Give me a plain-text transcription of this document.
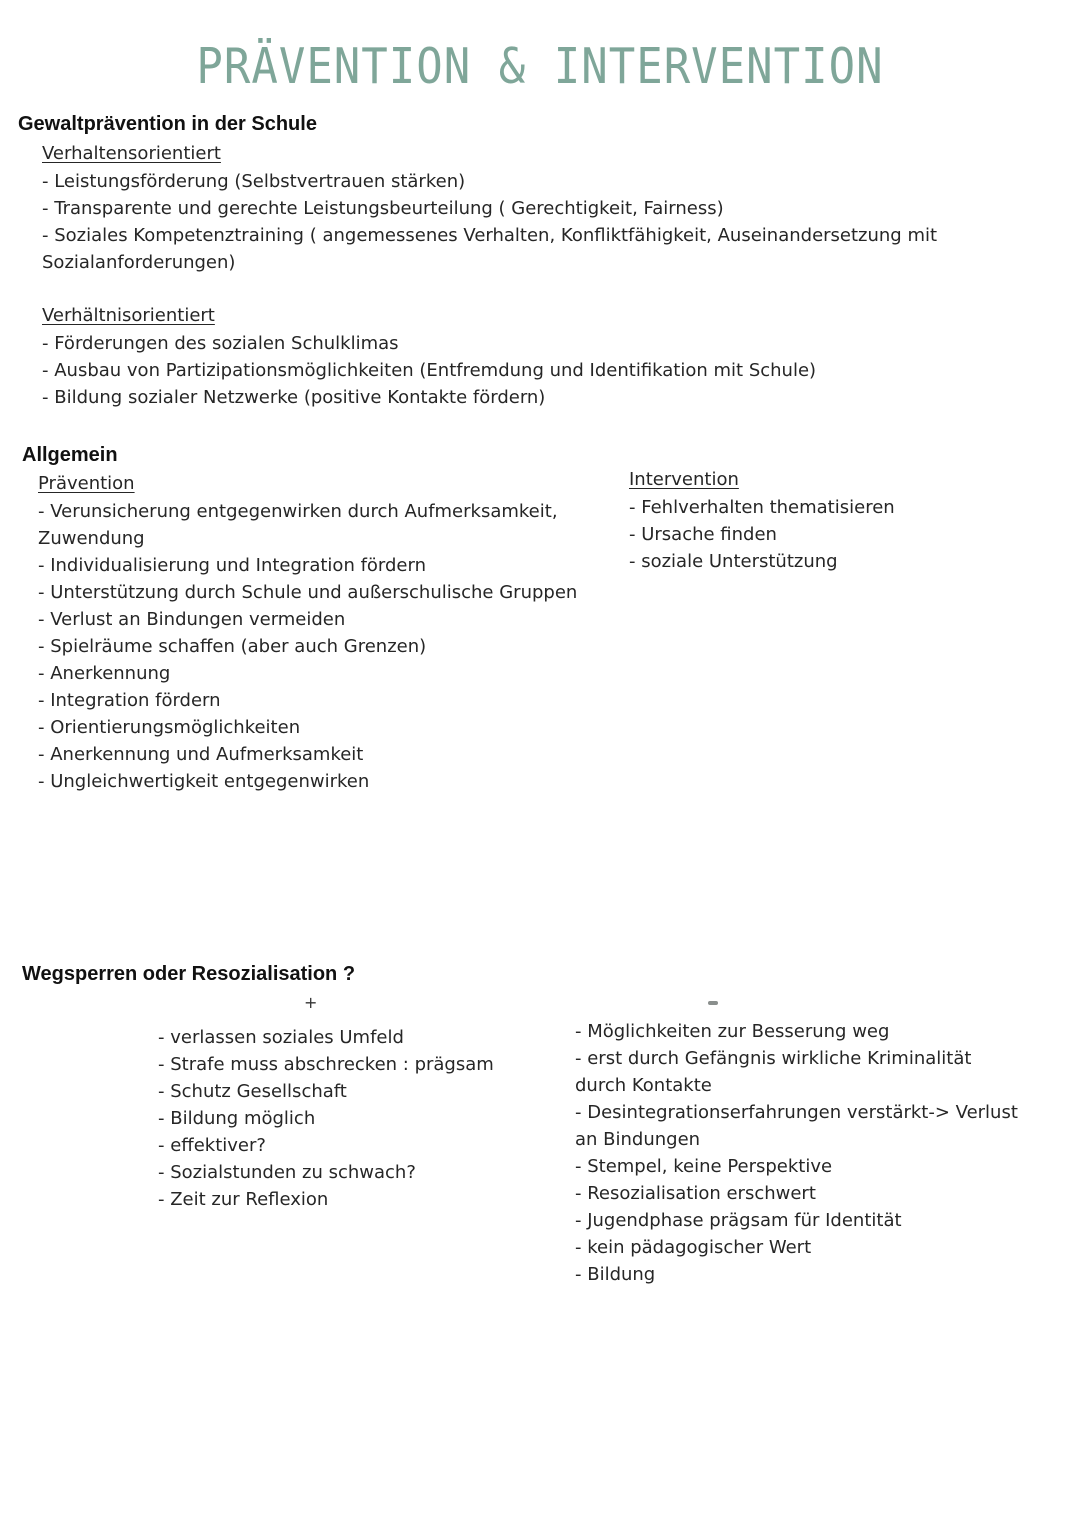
PRÄVENTION & INTERVENTION
Gewaltprävention in der Schule
Verhaltensorientiert
- Leistungsförderung (Selbstvertrauen stärken)
- Transparente und gerechte Leistungsbeurteilung ( Gerechtigkeit, Fairness)
- Soziales Kompetenztraining ( angemessenes Verhalten, Konfliktfähigkeit, Auseinandersetzung mit
Sozialanforderungen)
Verhältnisorientiert
- Förderungen des sozialen Schulklimas
- Ausbau von Partizipationsmöglichkeiten (Entfremdung und Identifikation mit Schule)
- Bildung sozialer Netzwerke (positive Kontakte fördern)
Allgemein
Prävention
- Verunsicherung entgegenwirken durch Aufmerksamkeit,
Zuwendung
- Individualisierung und Integration fördern
- Unterstützung durch Schule und außerschulische Gruppen
- Verlust an Bindungen vermeiden
- Spielräume schaffen (aber auch Grenzen)
- Anerkennung
- Integration fördern
- Orientierungsmöglichkeiten
- Anerkennung und Aufmerksamkeit
- Ungleichwertigkeit entgegenwirken
Intervention
- Fehlverhalten thematisieren
- Ursache finden
- soziale Unterstützung
Wegsperren oder Resozialisation ?
+
- verlassen soziales Umfeld
- Strafe muss abschrecken : prägsam
- Schutz Gesellschaft
- Bildung möglich
- effektiver?
- Sozialstunden zu schwach?
- Zeit zur Reflexion
- Möglichkeiten zur Besserung weg
- erst durch Gefängnis wirkliche Kriminalität
durch Kontakte
- Desintegrationserfahrungen verstärkt-> Verlust
an Bindungen
- Stempel, keine Perspektive
- Resozialisation erschwert
- Jugendphase prägsam für Identität
- kein pädagogischer Wert
- Bildung
